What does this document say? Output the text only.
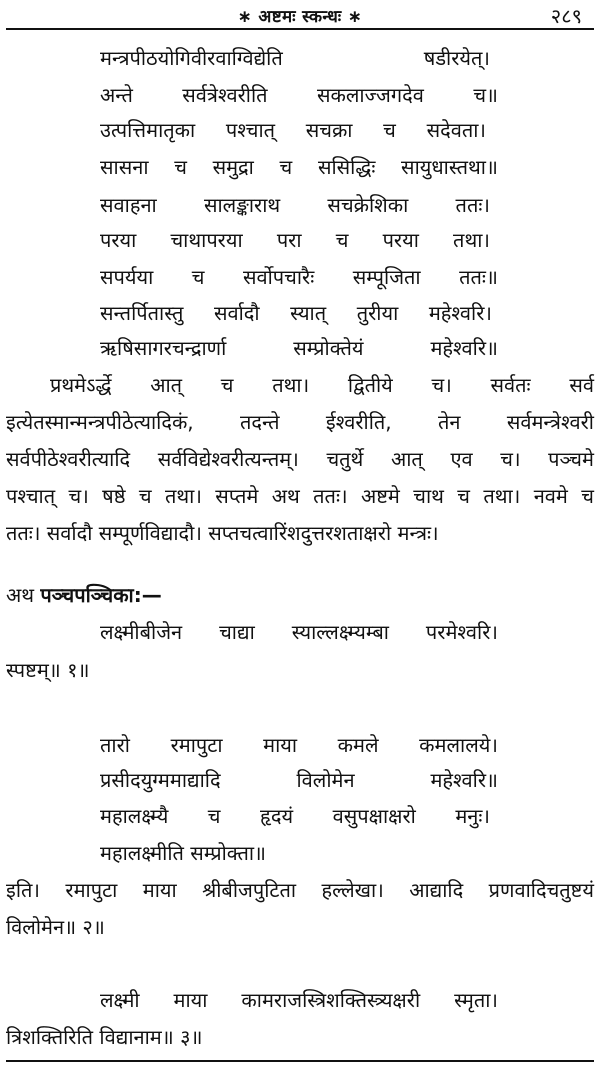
∗ अष्टमः स्कन्धः ∗	२८९
मन्त्रपीठयोगिवीरवाग्विद्येति	षडीरयेत्।
अन्ते सर्वत्रेश्वरीति सकलाज्जगदेव च॥
उत्पत्तिमातृका पश्चात् सचक्रा च सदेवता।
सासना च समुद्रा च ससिद्धिः सायुधास्तथा॥
सवाहना सालङ्काराथ सचक्रेशिका ततः।
परया चाथापरया परा च परया तथा।
सपर्यया च सर्वोपचारैः सम्पूजिता ततः॥
सन्तर्पितास्तु सर्वादौ स्यात् तुरीया महेश्वरि।
ऋषिसागरचन्द्रार्णा	सम्प्रोक्तेयं	महेश्वरि॥
प्रथमेऽर्द्धे आत् च तथा। द्वितीये च। सर्वतः सर्व
इत्येतस्मान्मन्त्रपीठेत्यादिकं, तदन्ते ईश्वरीति, तेन सर्वमन्त्रेश्वरी
सर्वपीठेश्वरीत्यादि सर्वविद्येश्वरीत्यन्तम्। चतुर्थे आत् एव च। पञ्चमे
पश्चात् च। षष्ठे च तथा। सप्तमे अथ ततः। अष्टमे चाथ च तथा। नवमे च
ततः। सर्वादौ सम्पूर्णविद्यादौ। सप्तचत्वारिंशदुत्तरशताक्षरो मन्त्रः।
अथ पञ्चपञ्चिका:—
लक्ष्मीबीजेन चाद्या स्याल्लक्ष्म्यम्बा परमेश्वरि।
स्पष्टम्॥ १॥
तारो रमापुटा माया कमले कमलालये।
प्रसीदयुग्ममाद्यादि	विलोमेन	महेश्वरि॥
महालक्ष्म्यै च हृदयं वसुपक्षाक्षरो मनुः।
महालक्ष्मीति सम्प्रोक्ता॥
इति। रमापुटा माया श्रीबीजपुटिता हल्लेखा। आद्यादि प्रणवादिचतुष्टयं
विलोमेन॥ २॥
लक्ष्मी माया कामराजस्त्रिशक्तिस्त्र्यक्षरी स्मृता।
त्रिशक्तिरिति विद्यानाम॥ ३॥
